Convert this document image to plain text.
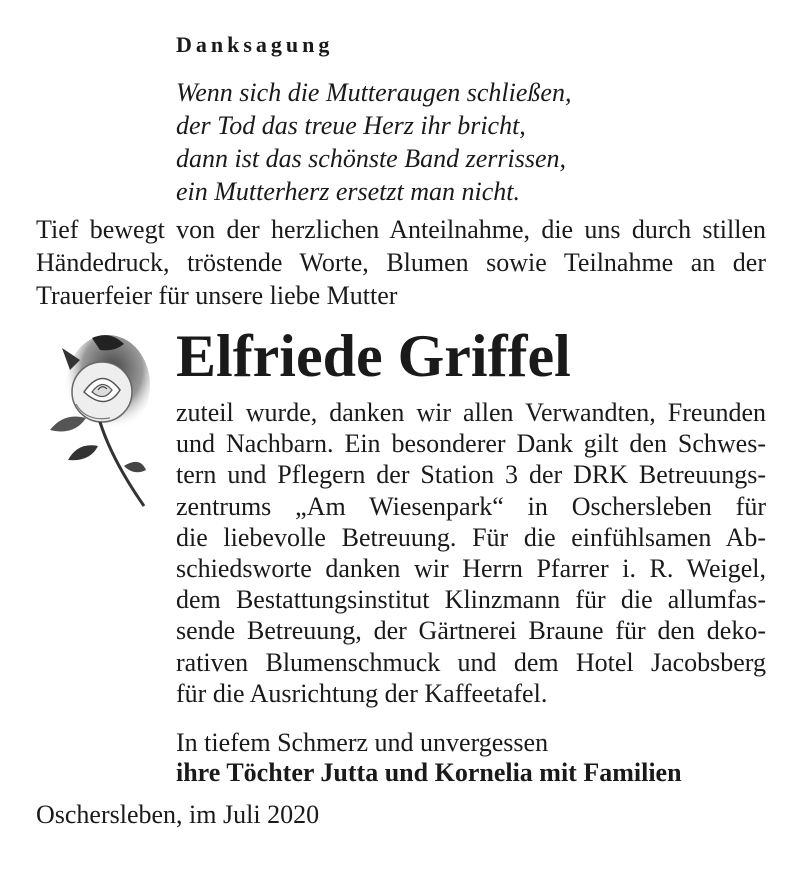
Danksagung
Wenn sich die Mutteraugen schließen,
der Tod das treue Herz ihr bricht,
dann ist das schönste Band zerrissen,
ein Mutterherz ersetzt man nicht.
Tief bewegt von der herzlichen Anteilnahme, die uns durch stillen Händedruck, tröstende Worte, Blumen sowie Teilnahme an der Trauerfeier für unsere liebe Mutter
Elfriede Griffel
zuteil wurde, danken wir allen Verwandten, Freunden
und Nachbarn. Ein besonderer Dank gilt den Schwes-
tern und Pflegern der Station 3 der DRK Betreuungs-
zentrums „Am Wiesenpark“ in Oschersleben für
die liebevolle Betreuung. Für die einfühlsamen Ab-
schiedsworte danken wir Herrn Pfarrer i. R. Weigel,
dem Bestattungsinstitut Klinzmann für die allumfas-
sende Betreuung, der Gärtnerei Braune für den deko-
rativen Blumenschmuck und dem Hotel Jacobsberg
für die Ausrichtung der Kaffeetafel.
In tiefem Schmerz und unvergessen
ihre Töchter Jutta und Kornelia mit Familien
Oschersleben, im Juli 2020
